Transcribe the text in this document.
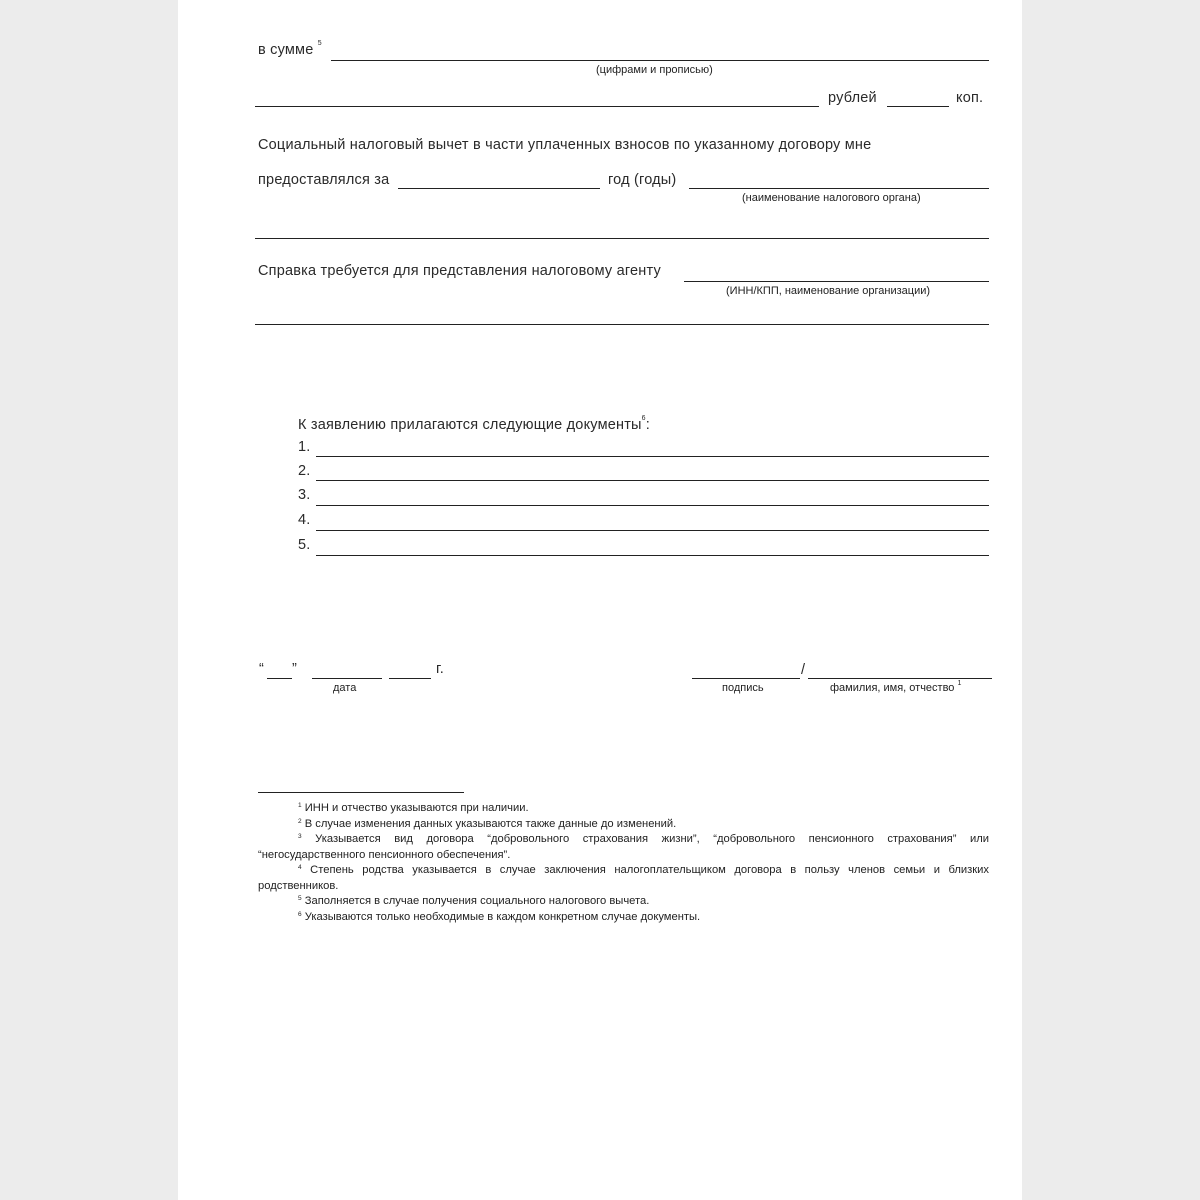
в сумме $^5$
(цифрами и прописью)
рублей	коп.
Социальный налоговый вычет в части уплаченных взносов по указанному договору мне
предоставлялся за	год (годы)
(наименование налогового органа)
Справка требуется для представления налоговому агенту
(ИНН/КПП, наименование организации)
К заявлению прилагаются следующие документы$^6$:
1.
2.
3.
4.
5.
“ ”	г.
дата
/
подпись	фамилия, имя, отчество $^1$

$^1$ ИНН и отчество указываются при наличии.

$^2$ В случае изменения данных указываются также данные до изменений.

$^3$ Указывается вид договора “добровольного страхования жизни”, “добровольного пенсионного страхования” или “негосударственного пенсионного обеспечения”.

$^4$ Степень родства указывается в случае заключения налогоплательщиком договора в пользу членов семьи и близких родственников.

$^5$ Заполняется в случае получения социального налогового вычета.

$^6$ Указываются только необходимые в каждом конкретном случае документы.
